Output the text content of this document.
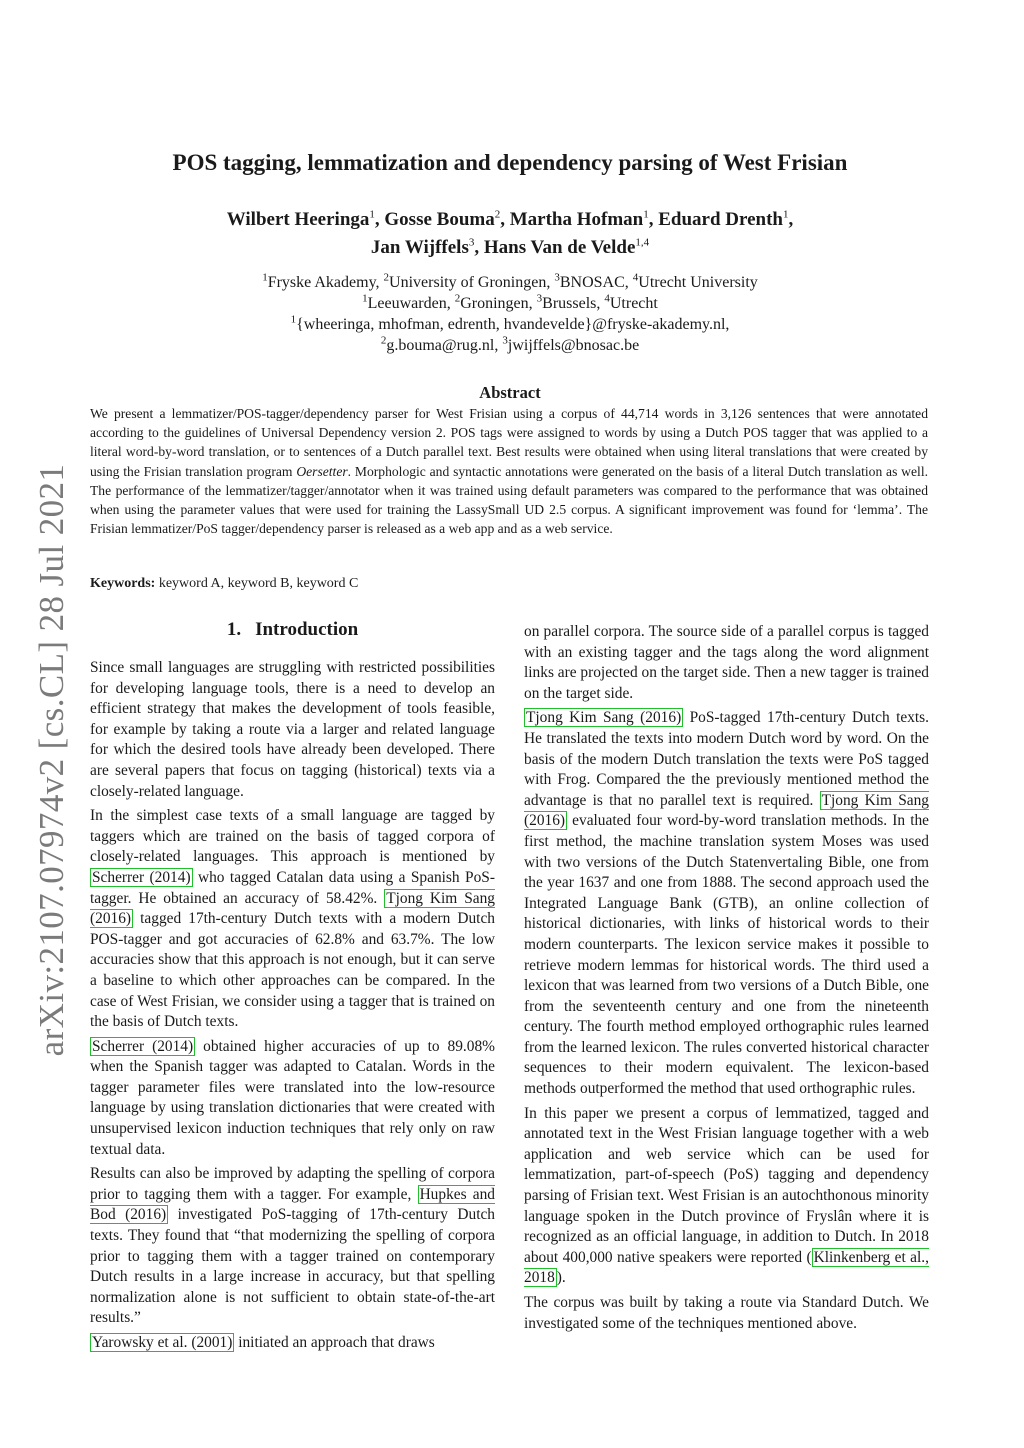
arXiv:2107.07974v2 [cs.CL] 28 Jul 2021
POS tagging, lemmatization and dependency parsing of West Frisian
Wilbert Heeringa$^1$, Gosse Bouma$^2$, Martha Hofman$^1$, Eduard Drenth$^1$,
Jan Wijffels$^3$, Hans Van de Velde$^{1,4}$
$^1$Fryske Akademy, $^2$University of Groningen, $^3$BNOSAC, $^4$Utrecht University
$^1$Leeuwarden, $^2$Groningen, $^3$Brussels, $^4$Utrecht
$^1${wheeringa, mhofman, edrenth, hvandevelde}@fryske-akademy.nl,
$^2$g.bouma@rug.nl, $^3$jwijffels@bnosac.be
Abstract
We present a lemmatizer/POS-tagger/dependency parser for West Frisian using a corpus of 44,714 words in 3,126 sentences that were annotated according to the guidelines of Universal Dependency version 2. POS tags were assigned to words by using a Dutch POS tagger that was applied to a literal word-by-word translation, or to sentences of a Dutch parallel text. Best results were obtained when using literal translations that were created by using the Frisian translation program Oersetter. Morphologic and syntactic annotations were generated on the basis of a literal Dutch translation as well. The performance of the lemmatizer/tagger/annotator when it was trained using default parameters was compared to the performance that was obtained when using the parameter values that were used for training the LassySmall UD 2.5 corpus. A significant improvement was found for ‘lemma’. The Frisian lemmatizer/PoS tagger/dependency parser is released as a web app and as a web service.
Keywords: keyword A, keyword B, keyword C
1. Introduction

Since small languages are struggling with restricted possibilities for developing language tools, there is a need to develop an efficient strategy that makes the development of tools feasible, for example by taking a route via a larger and related language for which the desired tools have already been developed. There are several papers that focus on tagging (historical) texts via a closely-related language.

In the simplest case texts of a small language are tagged by taggers which are trained on the basis of tagged corpora of closely-related languages. This approach is mentioned by Scherrer (2014) who tagged Catalan data using a Spanish PoS-tagger. He obtained an accuracy of 58.42%. Tjong Kim Sang (2016) tagged 17th-century Dutch texts with a modern Dutch POS-tagger and got accuracies of 62.8% and 63.7%. The low accuracies show that this approach is not enough, but it can serve a baseline to which other approaches can be compared. In the case of West Frisian, we consider using a tagger that is trained on the basis of Dutch texts.

Scherrer (2014) obtained higher accuracies of up to 89.08% when the Spanish tagger was adapted to Catalan. Words in the tagger parameter files were translated into the low-resource language by using translation dictionaries that were created with unsupervised lexicon induction techniques that rely only on raw textual data.

Results can also be improved by adapting the spelling of corpora prior to tagging them with a tagger. For example, Hupkes and Bod (2016) investigated PoS-tagging of 17th-century Dutch texts. They found that “that modernizing the spelling of corpora prior to tagging them with a tagger trained on contemporary Dutch results in a large increase in accuracy, but that spelling normalization alone is not sufficient to obtain state-of-the-art results.”

Yarowsky et al. (2001) initiated an approach that draws

on parallel corpora. The source side of a parallel corpus is tagged with an existing tagger and the tags along the word alignment links are projected on the target side. Then a new tagger is trained on the target side.

Tjong Kim Sang (2016) PoS-tagged 17th-century Dutch texts. He translated the texts into modern Dutch word by word. On the basis of the modern Dutch translation the texts were PoS tagged with Frog. Compared the the previously mentioned method the advantage is that no parallel text is required. Tjong Kim Sang (2016) evaluated four word-by-word translation methods. In the first method, the machine translation system Moses was used with two versions of the Dutch Statenvertaling Bible, one from the year 1637 and one from 1888. The second approach used the Integrated Language Bank (GTB), an online collection of historical dictionaries, with links of historical words to their modern counterparts. The lexicon service makes it possible to retrieve modern lemmas for historical words. The third used a lexicon that was learned from two versions of a Dutch Bible, one from the seventeenth century and one from the nineteenth century. The fourth method employed orthographic rules learned from the learned lexicon. The rules converted historical character sequences to their modern equivalent. The lexicon-based methods outperformed the method that used orthographic rules.

In this paper we present a corpus of lemmatized, tagged and annotated text in the West Frisian language together with a web application and web service which can be used for lemmatization, part-of-speech (PoS) tagging and dependency parsing of Frisian text. West Frisian is an autochthonous minority language spoken in the Dutch province of Fryslân where it is recognized as an official language, in addition to Dutch. In 2018 about 400,000 native speakers were reported ( Klinkenberg et al., 2018 ).

The corpus was built by taking a route via Standard Dutch. We investigated some of the techniques mentioned above.
